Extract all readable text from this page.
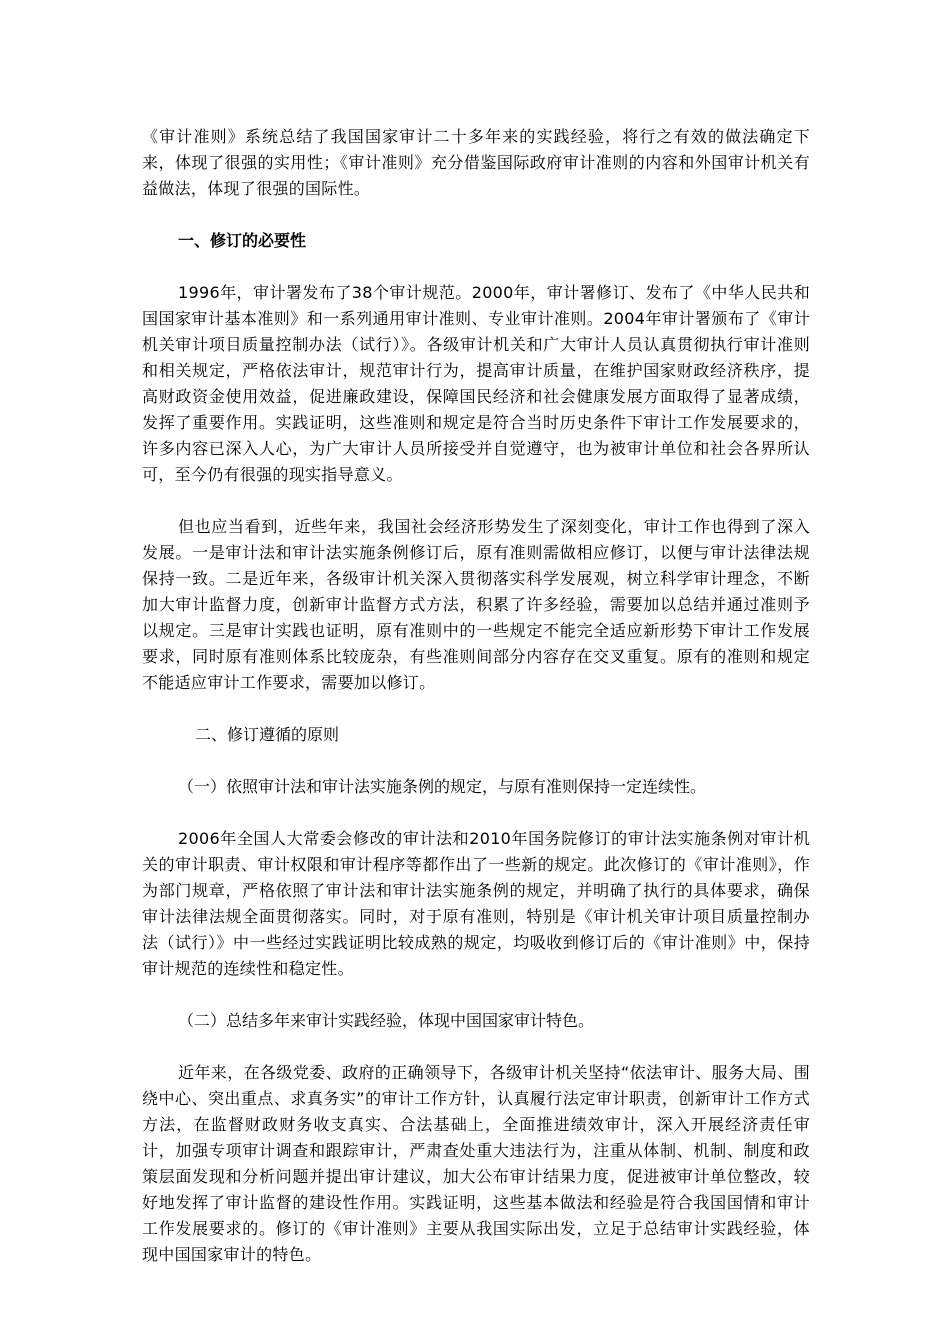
《审计准则》系统总结了我国国家审计二十多年来的实践经验，将行之有效的做法确定下来，体现了很强的实用性；《审计准则》充分借鉴国际政府审计准则的内容和外国审计机关有益做法，体现了很强的国际性。

一、修订的必要性

1996年，审计署发布了38个审计规范。2000年，审计署修订、发布了《中华人民共和国国家审计基本准则》和一系列通用审计准则、专业审计准则。2004年审计署颁布了《审计机关审计项目质量控制办法（试行）》。各级审计机关和广大审计人员认真贯彻执行审计准则和相关规定，严格依法审计，规范审计行为，提高审计质量，在维护国家财政经济秩序，提高财政资金使用效益，促进廉政建设，保障国民经济和社会健康发展方面取得了显著成绩，发挥了重要作用。实践证明，这些准则和规定是符合当时历史条件下审计工作发展要求的，许多内容已深入人心，为广大审计人员所接受并自觉遵守，也为被审计单位和社会各界所认可，至今仍有很强的现实指导意义。

但也应当看到，近些年来，我国社会经济形势发生了深刻变化，审计工作也得到了深入发展。一是审计法和审计法实施条例修订后，原有准则需做相应修订，以便与审计法律法规保持一致。二是近年来，各级审计机关深入贯彻落实科学发展观，树立科学审计理念，不断加大审计监督力度，创新审计监督方式方法，积累了许多经验，需要加以总结并通过准则予以规定。三是审计实践也证明，原有准则中的一些规定不能完全适应新形势下审计工作发展要求，同时原有准则体系比较庞杂，有些准则间部分内容存在交叉重复。原有的准则和规定不能适应审计工作要求，需要加以修订。

二、修订遵循的原则

（一）依照审计法和审计法实施条例的规定，与原有准则保持一定连续性。

2006年全国人大常委会修改的审计法和2010年国务院修订的审计法实施条例对审计机关的审计职责、审计权限和审计程序等都作出了一些新的规定。此次修订的《审计准则》，作为部门规章，严格依照了审计法和审计法实施条例的规定，并明确了执行的具体要求，确保审计法律法规全面贯彻落实。同时，对于原有准则，特别是《审计机关审计项目质量控制办法（试行）》中一些经过实践证明比较成熟的规定，均吸收到修订后的《审计准则》中，保持审计规范的连续性和稳定性。

（二）总结多年来审计实践经验，体现中国国家审计特色。

近年来，在各级党委、政府的正确领导下，各级审计机关坚持“依法审计、服务大局、围绕中心、突出重点、求真务实”的审计工作方针，认真履行法定审计职责，创新审计工作方式方法，在监督财政财务收支真实、合法基础上，全面推进绩效审计，深入开展经济责任审计，加强专项审计调查和跟踪审计，严肃查处重大违法行为，注重从体制、机制、制度和政策层面发现和分析问题并提出审计建议，加大公布审计结果力度，促进被审计单位整改，较好地发挥了审计监督的建设性作用。实践证明，这些基本做法和经验是符合我国国情和审计工作发展要求的。修订的《审计准则》主要从我国实际出发，立足于总结审计实践经验，体现中国国家审计的特色。
